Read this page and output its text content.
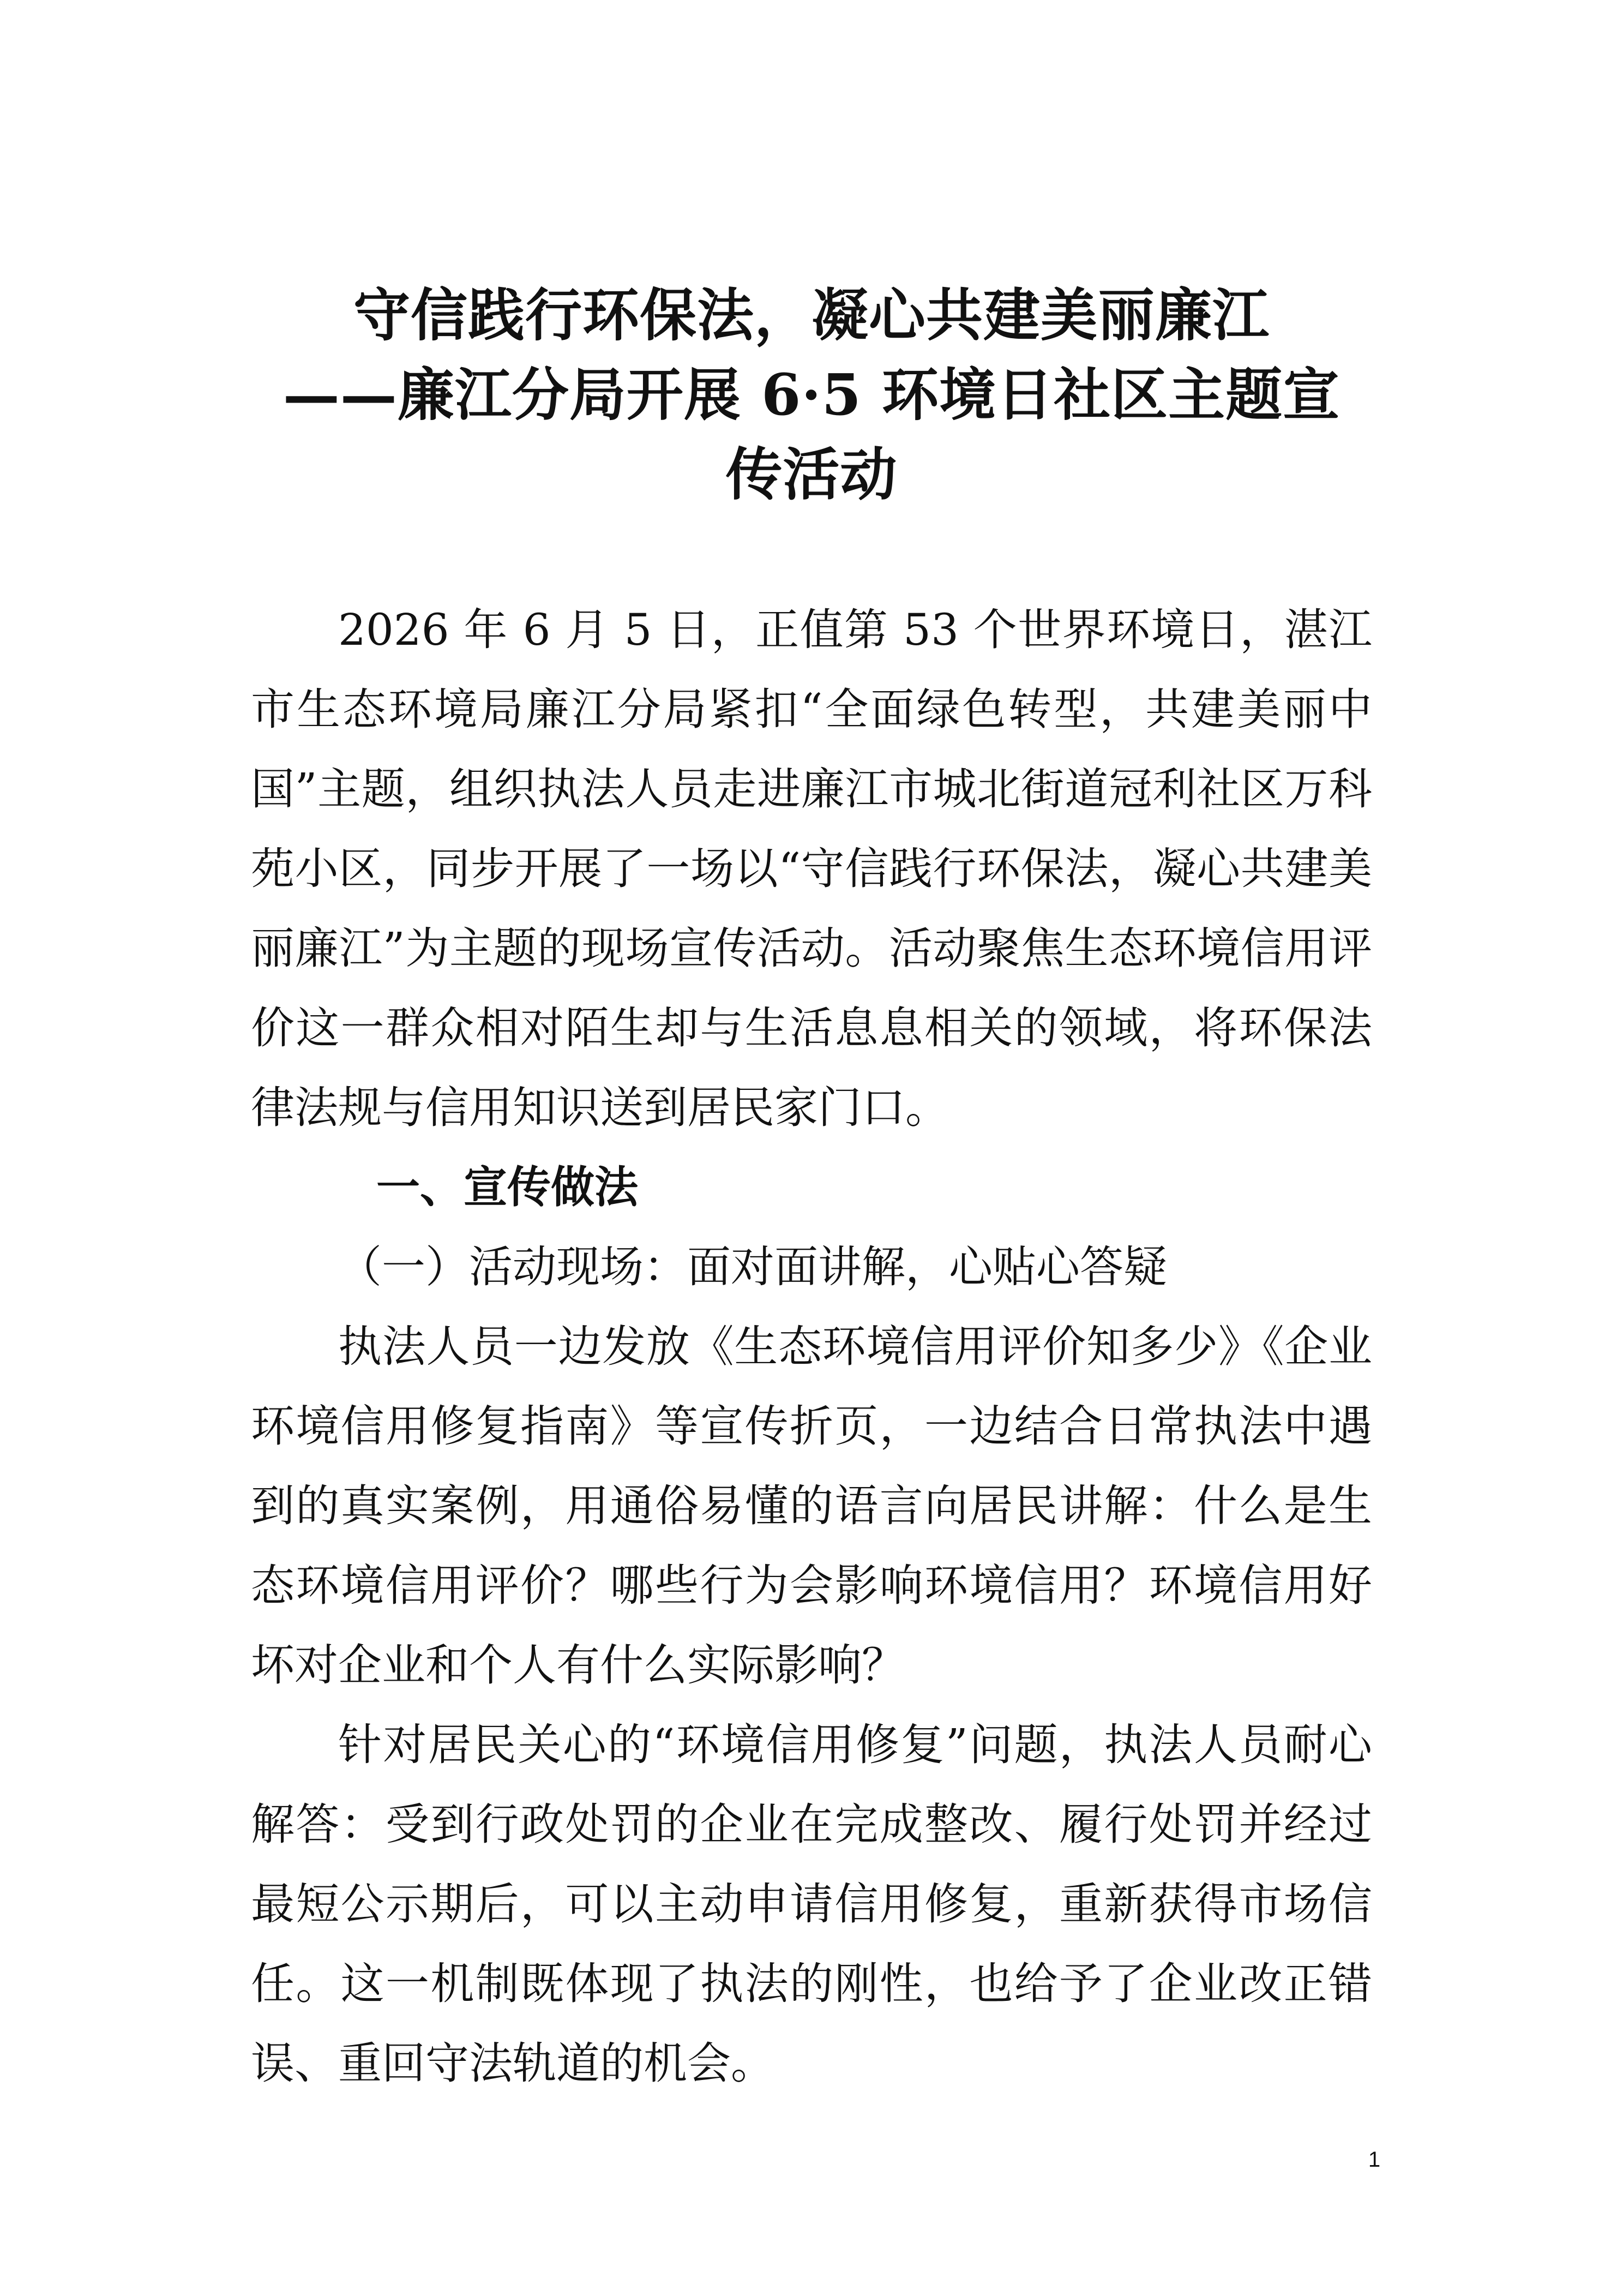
守信践行环保法，凝心共建美丽廉江
——廉江分局开展 6·5 环境日社区主题宣
传活动

2026 年 6 月 5 日，正值第 53 个世界环境日，湛江市生态环境局廉江分局紧扣“全面绿色转型，共建美丽中国”主题，组织执法人员走进廉江市城北街道冠利社区万科苑小区，同步开展了一场以“守信践行环保法，凝心共建美丽廉江”为主题的现场宣传活动。活动聚焦生态环境信用评价这一群众相对陌生却与生活息息相关的领域，将环保法律法规与信用知识送到居民家门口。

一、宣传做法
（一）活动现场：面对面讲解，心贴心答疑

执法人员一边发放《生态环境信用评价知多少》《企业环境信用修复指南》等宣传折页，一边结合日常执法中遇到的真实案例，用通俗易懂的语言向居民讲解：什么是生态环境信用评价？哪些行为会影响环境信用？环境信用好坏对企业和个人有什么实际影响？

针对居民关心的“环境信用修复”问题，执法人员耐心解答：受到行政处罚的企业在完成整改、履行处罚并经过最短公示期后，可以主动申请信用修复，重新获得市场信任。这一机制既体现了执法的刚性，也给予了企业改正错误、重回守法轨道的机会。

1
